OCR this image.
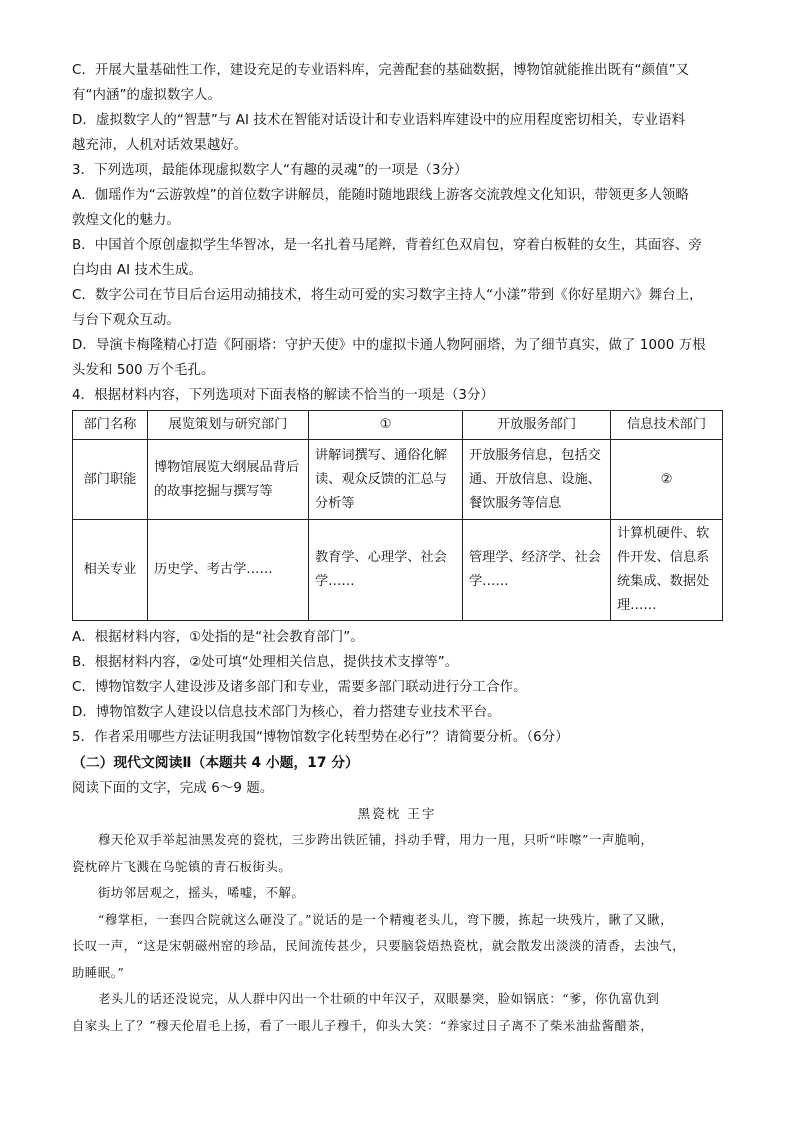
C．开展大量基础性工作，建设充足的专业语料库，完善配套的基础数据，博物馆就能推出既有“颜值”又
有“内涵”的虚拟数字人。
D．虚拟数字人的“智慧”与 AI 技术在智能对话设计和专业语料库建设中的应用程度密切相关，专业语料
越充沛，人机对话效果越好。
3．下列选项，最能体现虚拟数字人“有趣的灵魂”的一项是（3分）
A．伽瑶作为“云游敦煌”的首位数字讲解员，能随时随地跟线上游客交流敦煌文化知识，带领更多人领略
敦煌文化的魅力。
B．中国首个原创虚拟学生华智冰，是一名扎着马尾辫，背着红色双肩包，穿着白板鞋的女生，其面容、旁
白均由 AI 技术生成。
C．数字公司在节目后台运用动捕技术，将生动可爱的实习数字主持人“小漾”带到《你好星期六》舞台上，
与台下观众互动。
D．导演卡梅隆精心打造《阿丽塔：守护天使》中的虚拟卡通人物阿丽塔，为了细节真实，做了 1000 万根
头发和 500 万个毛孔。
4．根据材料内容，下列选项对下面表格的解读不恰当的一项是（3分）
部门名称	展览策划与研究部门	①	开放服务部门	信息技术部门
部门职能	博物馆展览大纲展品背后的故事挖掘与撰写等	讲解词撰写、通俗化解读、观众反馈的汇总与分析等	开放服务信息，包括交通、开放信息、设施、餐饮服务等信息	②
相关专业	历史学、考古学……	教育学、心理学、社会学……	管理学、经济学、社会学……	计算机硬件、软件开发、信息系统集成、数据处理……
A．根据材料内容，①处指的是“社会教育部门”。
B．根据材料内容，②处可填“处理相关信息，提供技术支撑等”。
C．博物馆数字人建设涉及诸多部门和专业，需要多部门联动进行分工合作。
D．博物馆数字人建设以信息技术部门为核心，着力搭建专业技术平台。
5．作者采用哪些方法证明我国“博物馆数字化转型势在必行”？请简要分析。（6分）
（二）现代文阅读Ⅱ（本题共 4 小题，17 分）
阅读下面的文字，完成 6～9 题。
黑瓷枕 王宇
穆天伦双手举起油黑发亮的瓷枕，三步跨出铁匠铺，抖动手臂，用力一甩，只听“咔嚓”一声脆响，
瓷枕碎片飞溅在乌鸵镇的青石板街头。
街坊邻居观之，摇头，唏嘘，不解。
“穆掌柜，一套四合院就这么砸没了。”说话的是一个精瘦老头儿，弯下腰，拣起一块残片，瞅了又瞅，
长叹一声，“这是宋朝磁州窑的珍品，民间流传甚少，只要脑袋焐热瓷枕，就会散发出淡淡的清香，去浊气，
助睡眠。”
老头儿的话还没说完，从人群中闪出一个壮硕的中年汉子，双眼暴突，脸如锅底：“爹，你仇富仇到
自家头上了？”穆天伦眉毛上扬，看了一眼儿子穆千，仰头大笑：“养家过日子离不了柴米油盐酱醋茶，
